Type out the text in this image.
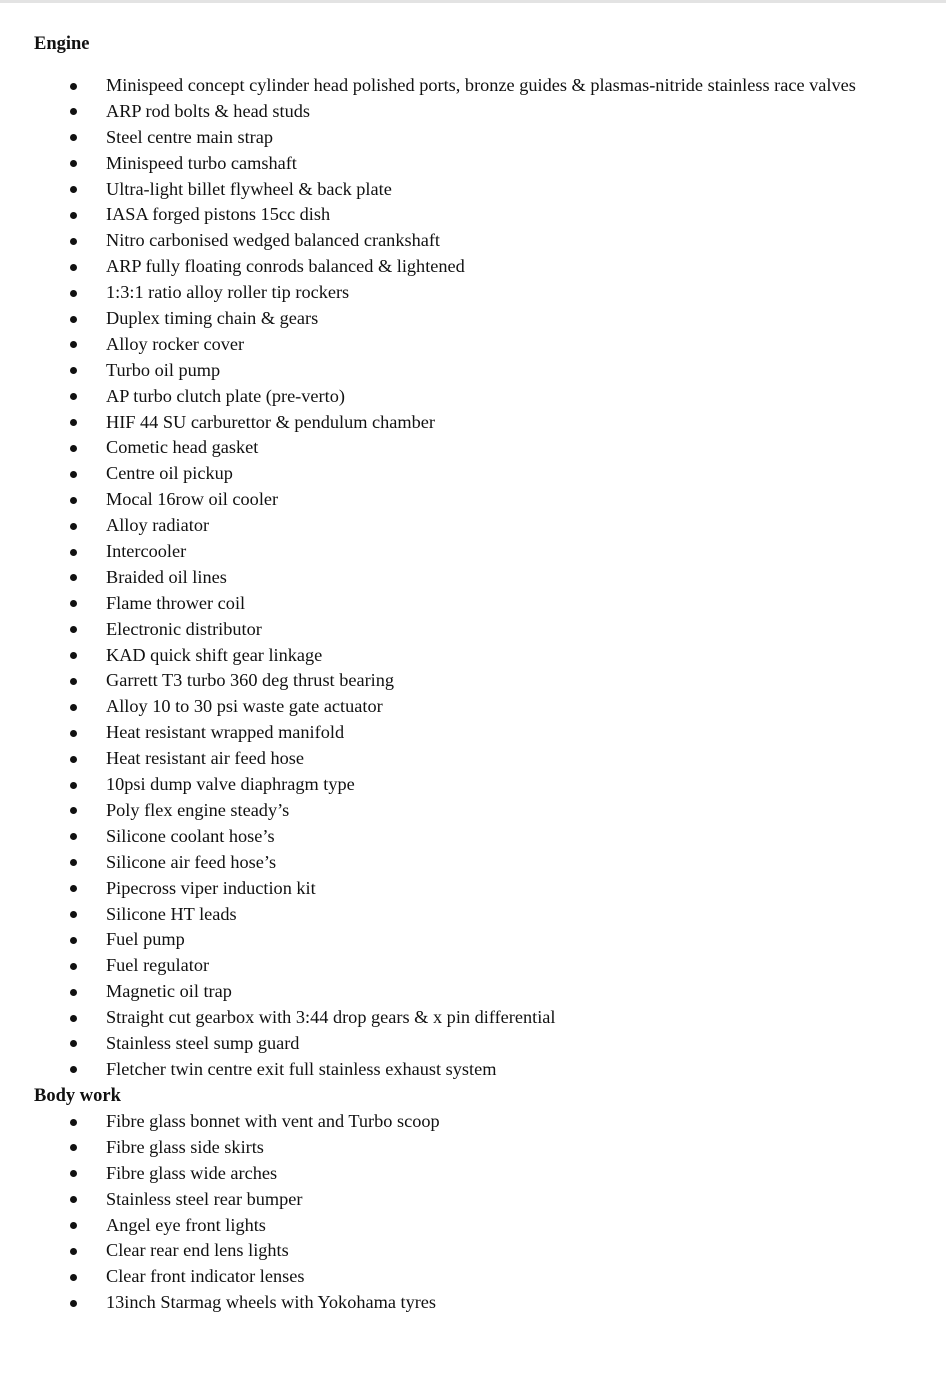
Engine
Minispeed concept cylinder head polished ports, bronze guides & plasmas-nitride stainless race valves
ARP rod bolts & head studs
Steel centre main strap
Minispeed turbo camshaft
Ultra-light billet flywheel & back plate
IASA forged pistons 15cc dish
Nitro carbonised wedged balanced crankshaft
ARP fully floating conrods balanced & lightened
1:3:1 ratio alloy roller tip rockers
Duplex timing chain & gears
Alloy rocker cover
Turbo oil pump
AP turbo clutch plate (pre-verto)
HIF 44 SU carburettor & pendulum chamber
Cometic head gasket
Centre oil pickup
Mocal 16row oil cooler
Alloy radiator
Intercooler
Braided oil lines
Flame thrower coil
Electronic distributor
KAD quick shift gear linkage
Garrett T3 turbo 360 deg thrust bearing
Alloy 10 to 30 psi waste gate actuator
Heat resistant wrapped manifold
Heat resistant air feed hose
10psi dump valve diaphragm type
Poly flex engine steady’s
Silicone coolant hose’s
Silicone air feed hose’s
Pipecross viper induction kit
Silicone HT leads
Fuel pump
Fuel regulator
Magnetic oil trap
Straight cut gearbox with 3:44 drop gears & x pin differential
Stainless steel sump guard
Fletcher twin centre exit full stainless exhaust system
Body work
Fibre glass bonnet with vent and Turbo scoop
Fibre glass side skirts
Fibre glass wide arches
Stainless steel rear bumper
Angel eye front lights
Clear rear end lens lights
Clear front indicator lenses
13inch Starmag wheels with Yokohama tyres
